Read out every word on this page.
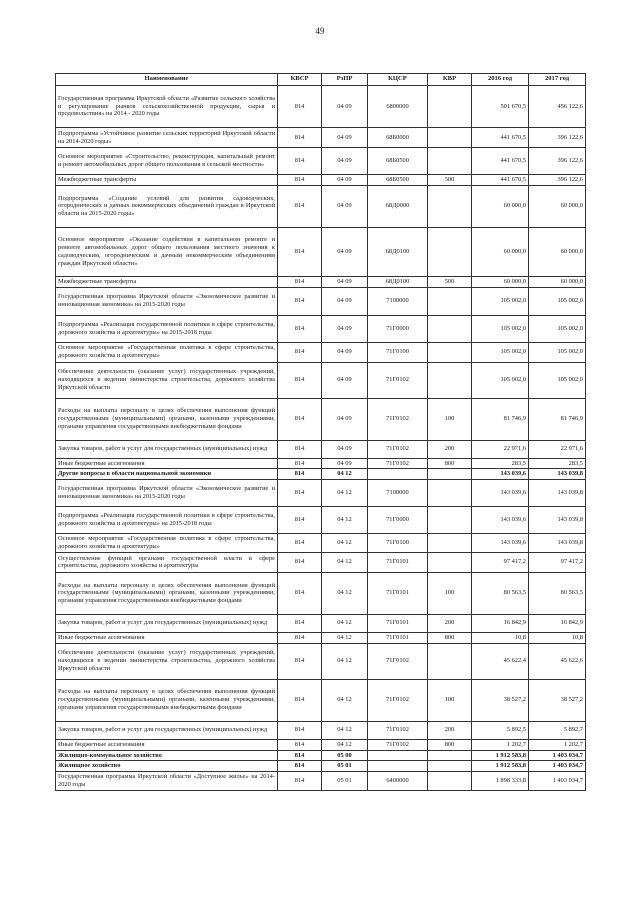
49
Наименование	КВСР	РзПР	КЦСР	КВР	2016 год	2017 год
Государственная программа Иркутской области «Развитие сельского хозяйства и регулирование рынков сельскохозяйственной продукции, сырья и продовольствия» на 2014 - 2020 годы	814	04 09	6800000		501 670,5	456 122,6
Подпрограмма «Устойчивое развитие сельских территорий Иркутской области на 2014-2020 годы»	814	04 09	68Б0000		441 670,5	396 122,6
Основное мероприятие «Строительство, реконструкция, капитальный ремонт и ремонт автомобильных дорог общего пользования в сельской местности»	814	04 09	68Б0500		441 670,5	396 122,6
Межбюджетные трансферты	814	04 09	68Б0500	500	441 670,5	396 122,6
Подпрограмма «Создание условий для развития садоводческих, огороднических и дачных некоммерческих объединений граждан в Иркутской области на 2015-2020 годы»	814	04 09	68Д0000		60 000,0	60 000,0
Основное мероприятие «Оказание содействия в капитальном ремонте и ремонте автомобильных дорог общего пользования местного значения к садоводческим, огородническим и дачным некоммерческим объединениям граждан Иркутской области»	814	04 09	68Д0100		60 000,0	60 000,0
Межбюджетные трансферты	814	04 09	68Д0100	500	60 000,0	60 000,0
Государственная программа Иркутской области «Экономическое развитие и инновационная экономика» на 2015-2020 годы	814	04 09	7100000		105 002,0	105 002,0
Подпрограмма «Реализация государственной политики в сфере строительства, дорожного хозяйства и архитектуры» на 2015-2018 годы	814	04 09	71Г0000		105 002,0	105 002,0
Основное мероприятие «Государственная политика в сфере строительства, дорожного хозяйства и архитектуры»	814	04 09	71Г0100		105 002,0	105 002,0
Обеспечение деятельности (оказание услуг) государственных учреждений, находящихся в ведении министерства строительства, дорожного хозяйства Иркутской области	814	04 09	71Г0102		105 002,0	105 002,0
Расходы на выплаты персоналу в целях обеспечения выполнения функций государственными (муниципальными) органами, казенными учреждениями, органами управления государственными внебюджетными фондами	814	04 09	71Г0102	100	81 746,9	81 746,9
Закупка товаров, работ и услуг для государственных (муниципальных) нужд	814	04 09	71Г0102	200	22 971,6	22 971,6
Иные бюджетные ассигнования	814	04 09	71Г0102	800	283,5	283,5
Другие вопросы в области национальной экономики	814	04 12			143 039,6	143 039,8
Государственная программа Иркутской области «Экономическое развитие и инновационная экономика» на 2015-2020 годы	814	04 12	7100000		143 039,6	143 039,8
Подпрограмма «Реализация государственной политики в сфере строительства, дорожного хозяйства и архитектуры» на 2015-2018 годы	814	04 12	71Г0000		143 039,6	143 039,8
Основное мероприятие «Государственная политика в сфере строительства, дорожного хозяйства и архитектуры»	814	04 12	71Г0100		143 039,6	143 039,8
Осуществление функций органами государственной власти в сфере строительства, дорожного хозяйства и архитектуры	814	04 12	71Г0101		97 417,2	97 417,2
Расходы на выплаты персоналу в целях обеспечения выполнения функций государственными (муниципальными) органами, казенными учреждениями, органами управления государственными внебюджетными фондами	814	04 12	71Г0101	100	80 563,5	80 563,5
Закупка товаров, работ и услуг для государственных (муниципальных) нужд	814	04 12	71Г0101	200	16 842,9	16 842,9
Иные бюджетные ассигнования	814	04 12	71Г0101	800	10,8	10,8
Обеспечение деятельности (оказание услуг) государственных учреждений, находящихся в ведении министерства строительства, дорожного хозяйства Иркутской области	814	04 12	71Г0102		45 622,4	45 622,6
Расходы на выплаты персоналу в целях обеспечения выполнения функций государственными (муниципальными) органами, казенными учреждениями, органами управления государственными внебюджетными фондами	814	04 12	71Г0102	100	38 527,2	38 527,2
Закупка товаров, работ и услуг для государственных (муниципальных) нужд	814	04 12	71Г0102	200	5 892,5	5 892,7
Иные бюджетные ассигнования	814	04 12	71Г0102	800	1 202,7	1 202,7
Жилищно-коммунальное хозяйство	814	05 00			1 912 583,8	1 403 034,7
Жилищное хозяйство	814	05 01			1 912 583,8	1 403 034,7
Государственная программа Иркутской области «Доступное жилье» на 2014-2020 годы	814	05 01	6400000		1 898 333,8	1 403 034,7
